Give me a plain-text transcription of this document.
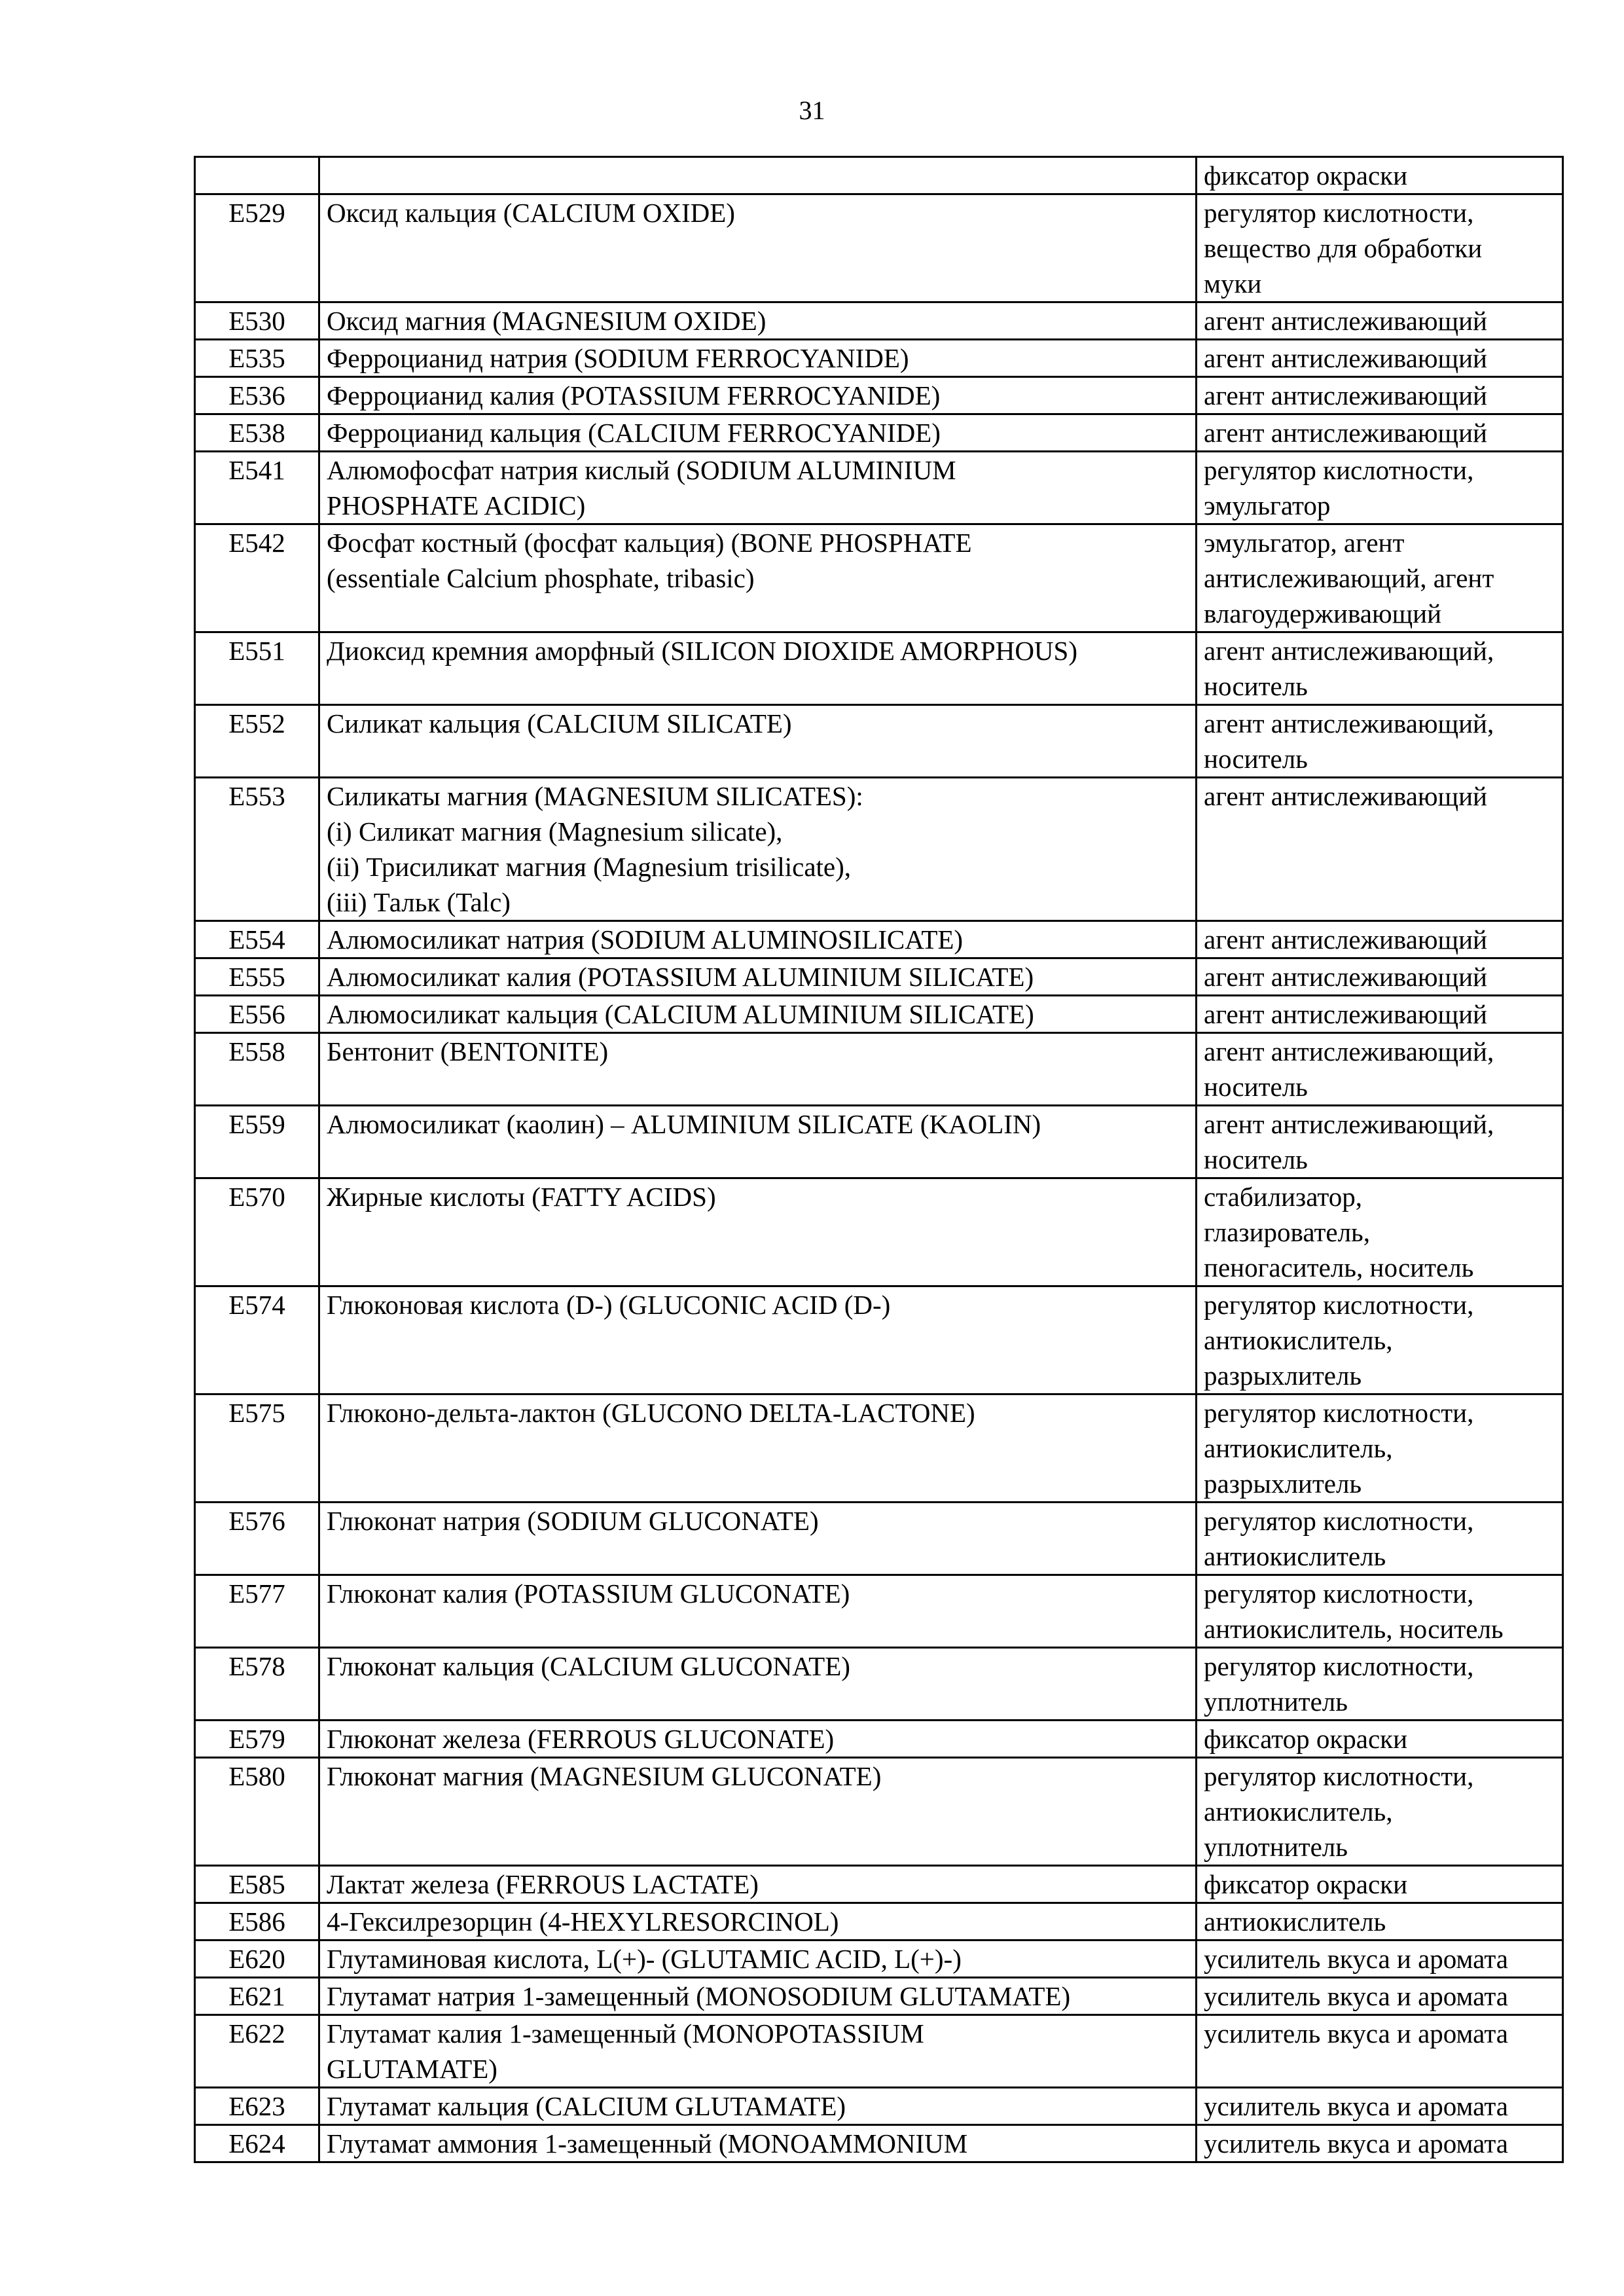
31
		фиксатор окраски
E529	Оксид кальция (CALCIUM OXIDE)	регулятор кислотности,
вещество для обработки
муки
E530	Оксид магния (MAGNESIUM OXIDE)	агент антислеживающий
E535	Ферроцианид натрия (SODIUM FERROCYANIDE)	агент антислеживающий
E536	Ферроцианид калия (POTASSIUM FERROCYANIDE)	агент антислеживающий
E538	Ферроцианид кальция (CALCIUM FERROCYANIDE)	агент антислеживающий
E541	Алюмофосфат натрия кислый (SODIUM ALUMINIUM
PHOSPHATE ACIDIC)	регулятор кислотности,
эмульгатор
E542	Фосфат костный (фосфат кальция) (BONE PHOSPHATE
(essentiale Calcium phosphate, tribasic)	эмульгатор, агент
антислеживающий, агент
влагоудерживающий
E551	Диоксид кремния аморфный (SILICON DIOXIDE AMORPHOUS)	агент антислеживающий,
носитель
E552	Силикат кальция (CALCIUM SILICATE)	агент антислеживающий,
носитель
E553	Силикаты магния (MAGNESIUM SILICATES):
(i) Силикат магния (Magnesium silicate),
(ii) Трисиликат магния (Magnesium trisilicate),
(iii) Тальк (Talc)	агент антислеживающий
E554	Алюмосиликат натрия (SODIUM ALUMINOSILICATE)	агент антислеживающий
E555	Алюмосиликат калия (POTASSIUM ALUMINIUM SILICATE)	агент антислеживающий
E556	Алюмосиликат кальция (CALCIUM ALUMINIUM SILICATE)	агент антислеживающий
E558	Бентонит (BENTONITE)	агент антислеживающий,
носитель
E559	Алюмосиликат (каолин) – ALUMINIUM SILICATE (KAOLIN)	агент антислеживающий,
носитель
E570	Жирные кислоты (FATTY ACIDS)	стабилизатор,
глазирователь,
пеногаситель, носитель
E574	Глюконовая кислота (D-) (GLUCONIC ACID (D-)	регулятор кислотности,
антиокислитель,
разрыхлитель
E575	Глюконо-дельта-лактон (GLUCONO DELTA-LACTONE)	регулятор кислотности,
антиокислитель,
разрыхлитель
E576	Глюконат натрия (SODIUM GLUCONATE)	регулятор кислотности,
антиокислитель
E577	Глюконат калия (POTASSIUM GLUCONATE)	регулятор кислотности,
антиокислитель, носитель
E578	Глюконат кальция (CALCIUM GLUCONATE)	регулятор кислотности,
уплотнитель
E579	Глюконат железа (FERROUS GLUCONATE)	фиксатор окраски
E580	Глюконат магния (MAGNESIUM GLUCONATE)	регулятор кислотности,
антиокислитель,
уплотнитель
E585	Лактат железа (FERROUS LACTATE)	фиксатор окраски
E586	4-Гексилрезорцин (4-HEXYLRESORCINOL)	антиокислитель
E620	Глутаминовая кислота, L(+)- (GLUTAMIC ACID, L(+)-)	усилитель вкуса и аромата
E621	Глутамат натрия 1-замещенный (MONOSODIUM GLUTAMATE)	усилитель вкуса и аромата
E622	Глутамат калия 1-замещенный (MONOPOTASSIUM
GLUTAMATE)	усилитель вкуса и аромата
E623	Глутамат кальция (CALCIUM GLUTAMATE)	усилитель вкуса и аромата
E624	Глутамат аммония 1-замещенный (MONOAMMONIUM	усилитель вкуса и аромата
